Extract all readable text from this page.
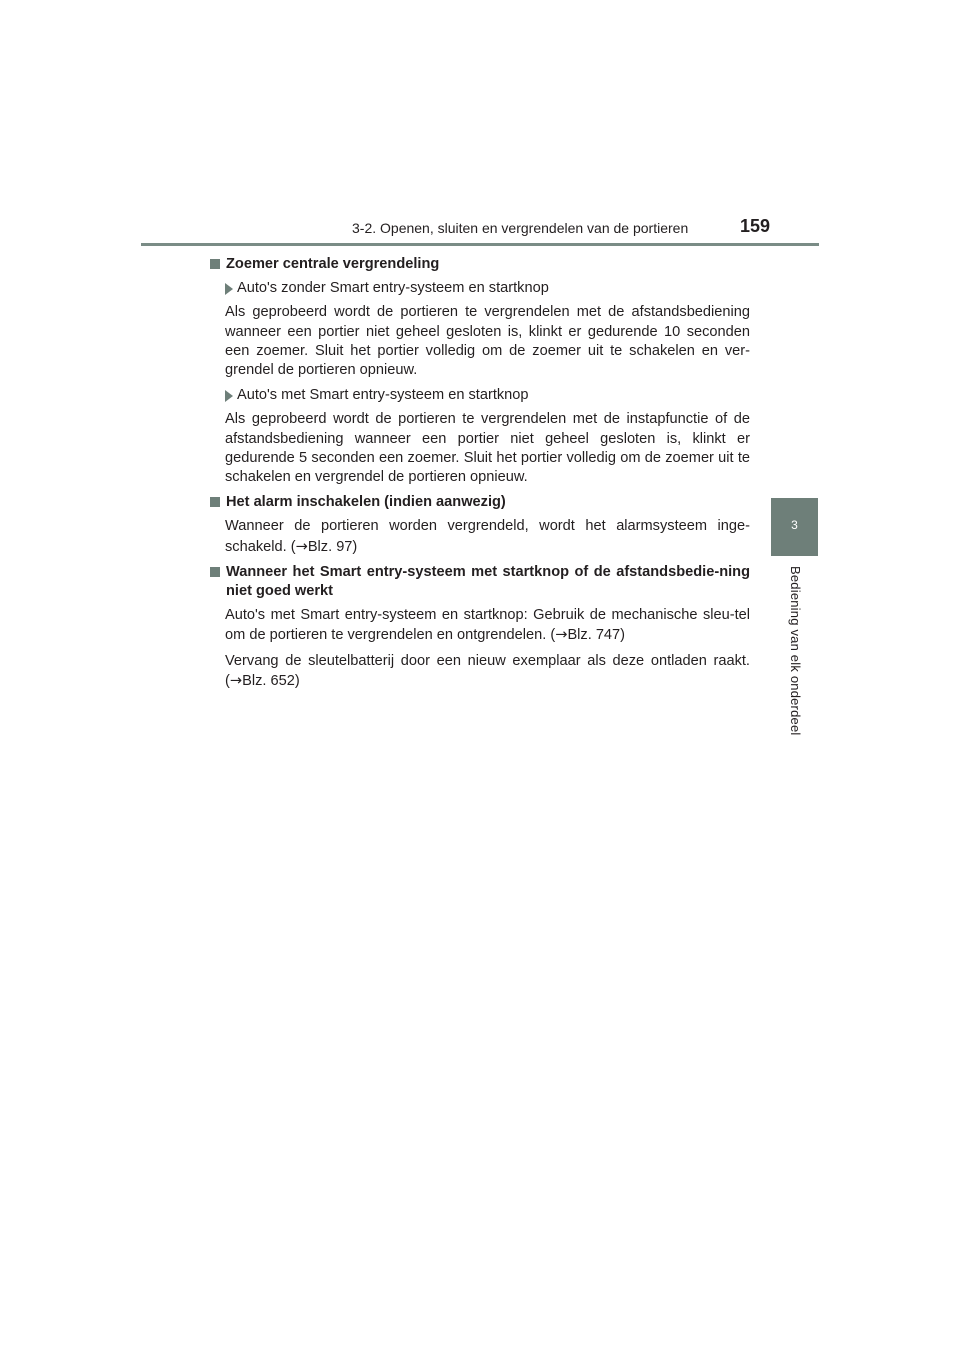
3-2. Openen, sluiten en vergrendelen van de portieren	159
3
Bediening van elk onderdeel
Zoemer centrale vergrendeling
Auto's zonder Smart entry-systeem en startknop
Als geprobeerd wordt de portieren te vergrendelen met de afstandsbediening wanneer een portier niet geheel gesloten is, klinkt er gedurende 10 seconden een zoemer. Sluit het portier volledig om de zoemer uit te schakelen en ver-grendel de portieren opnieuw.
Auto's met Smart entry-systeem en startknop
Als geprobeerd wordt de portieren te vergrendelen met de instapfunctie of de afstandsbediening wanneer een portier niet geheel gesloten is, klinkt er gedurende 5 seconden een zoemer. Sluit het portier volledig om de zoemer uit te schakelen en vergrendel de portieren opnieuw.
Het alarm inschakelen (indien aanwezig)
Wanneer de portieren worden vergrendeld, wordt het alarmsysteem inge-schakeld. (→Blz. 97)
Wanneer het Smart entry-systeem met startknop of de afstandsbedie-ning niet goed werkt
Auto's met Smart entry-systeem en startknop: Gebruik de mechanische sleu-tel om de portieren te vergrendelen en ontgrendelen. (→Blz. 747)
Vervang de sleutelbatterij door een nieuw exemplaar als deze ontladen raakt. (→Blz. 652)
